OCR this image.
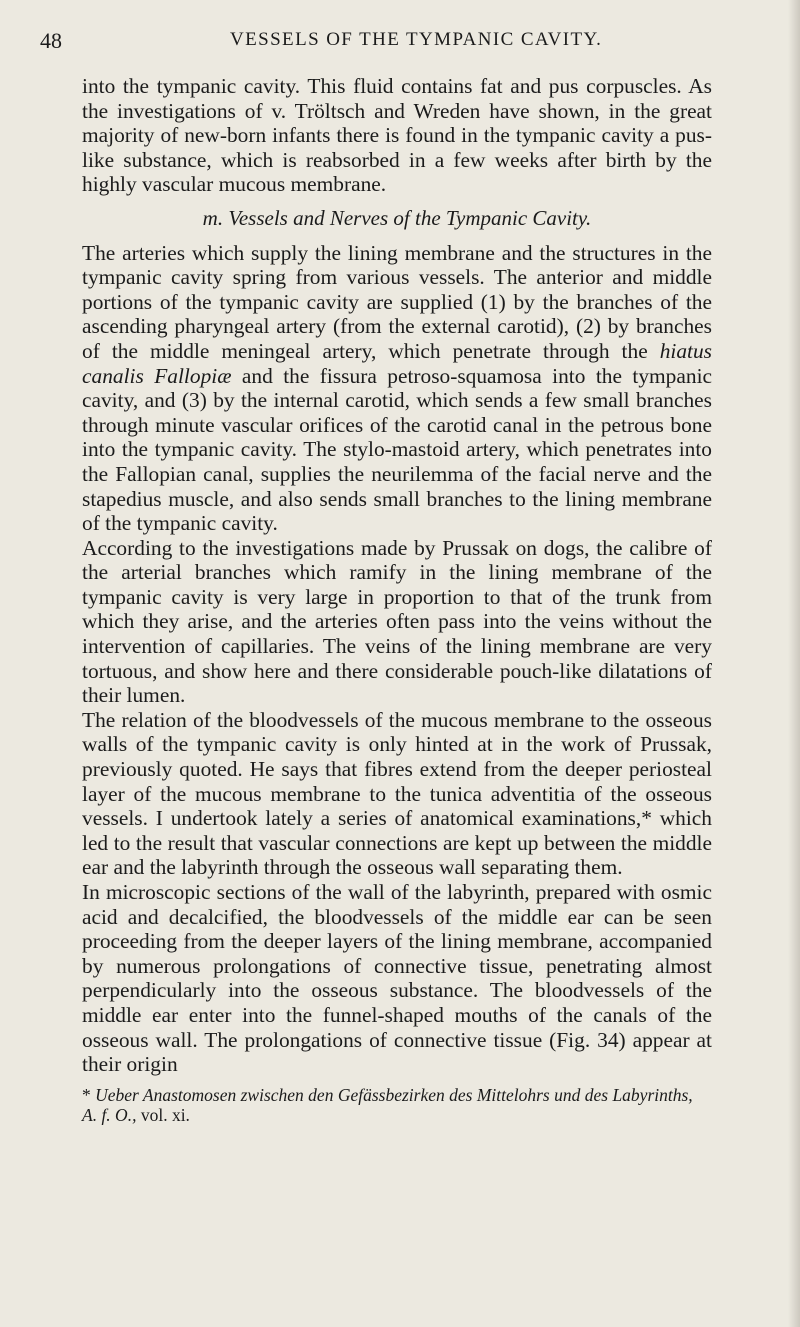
48	VESSELS OF THE TYMPANIC CAVITY.

into the tympanic cavity. This fluid contains fat and pus corpuscles. As the investigations of v. Tröltsch and Wreden have shown, in the great majority of new-born infants there is found in the tympanic cavity a pus-like substance, which is reabsorbed in a few weeks after birth by the highly vascular mucous membrane.

m. Vessels and Nerves of the Tympanic Cavity.

The arteries which supply the lining membrane and the structures in the tympanic cavity spring from various vessels. The anterior and middle portions of the tympanic cavity are supplied (1) by the branches of the ascending pharyngeal artery (from the external carotid), (2) by branches of the middle meningeal artery, which penetrate through the hiatus canalis Fallopiæ and the fissura petroso-squamosa into the tympanic cavity, and (3) by the internal carotid, which sends a few small branches through minute vascular orifices of the carotid canal in the petrous bone into the tympanic cavity. The stylo-mastoid artery, which penetrates into the Fallopian canal, supplies the neurilemma of the facial nerve and the stapedius muscle, and also sends small branches to the lining membrane of the tympanic cavity.

According to the investigations made by Prussak on dogs, the calibre of the arterial branches which ramify in the lining membrane of the tympanic cavity is very large in proportion to that of the trunk from which they arise, and the arteries often pass into the veins without the intervention of capillaries. The veins of the lining membrane are very tortuous, and show here and there considerable pouch-like dilatations of their lumen.

The relation of the bloodvessels of the mucous membrane to the osseous walls of the tympanic cavity is only hinted at in the work of Prussak, previously quoted. He says that fibres extend from the deeper periosteal layer of the mucous membrane to the tunica adventitia of the osseous vessels. I undertook lately a series of anatomical examinations,* which led to the result that vascular connections are kept up between the middle ear and the labyrinth through the osseous wall separating them.

In microscopic sections of the wall of the labyrinth, prepared with osmic acid and decalcified, the bloodvessels of the middle ear can be seen proceeding from the deeper layers of the lining membrane, accompanied by numerous prolongations of connective tissue, penetrating almost perpendicularly into the osseous substance. The bloodvessels of the middle ear enter into the funnel-shaped mouths of the canals of the osseous wall. The prolongations of connective tissue (Fig. 34) appear at their origin

* Ueber Anastomosen zwischen den Gefässbezirken des Mittelohrs und des Labyrinths,
A. f. O., vol. xi.
